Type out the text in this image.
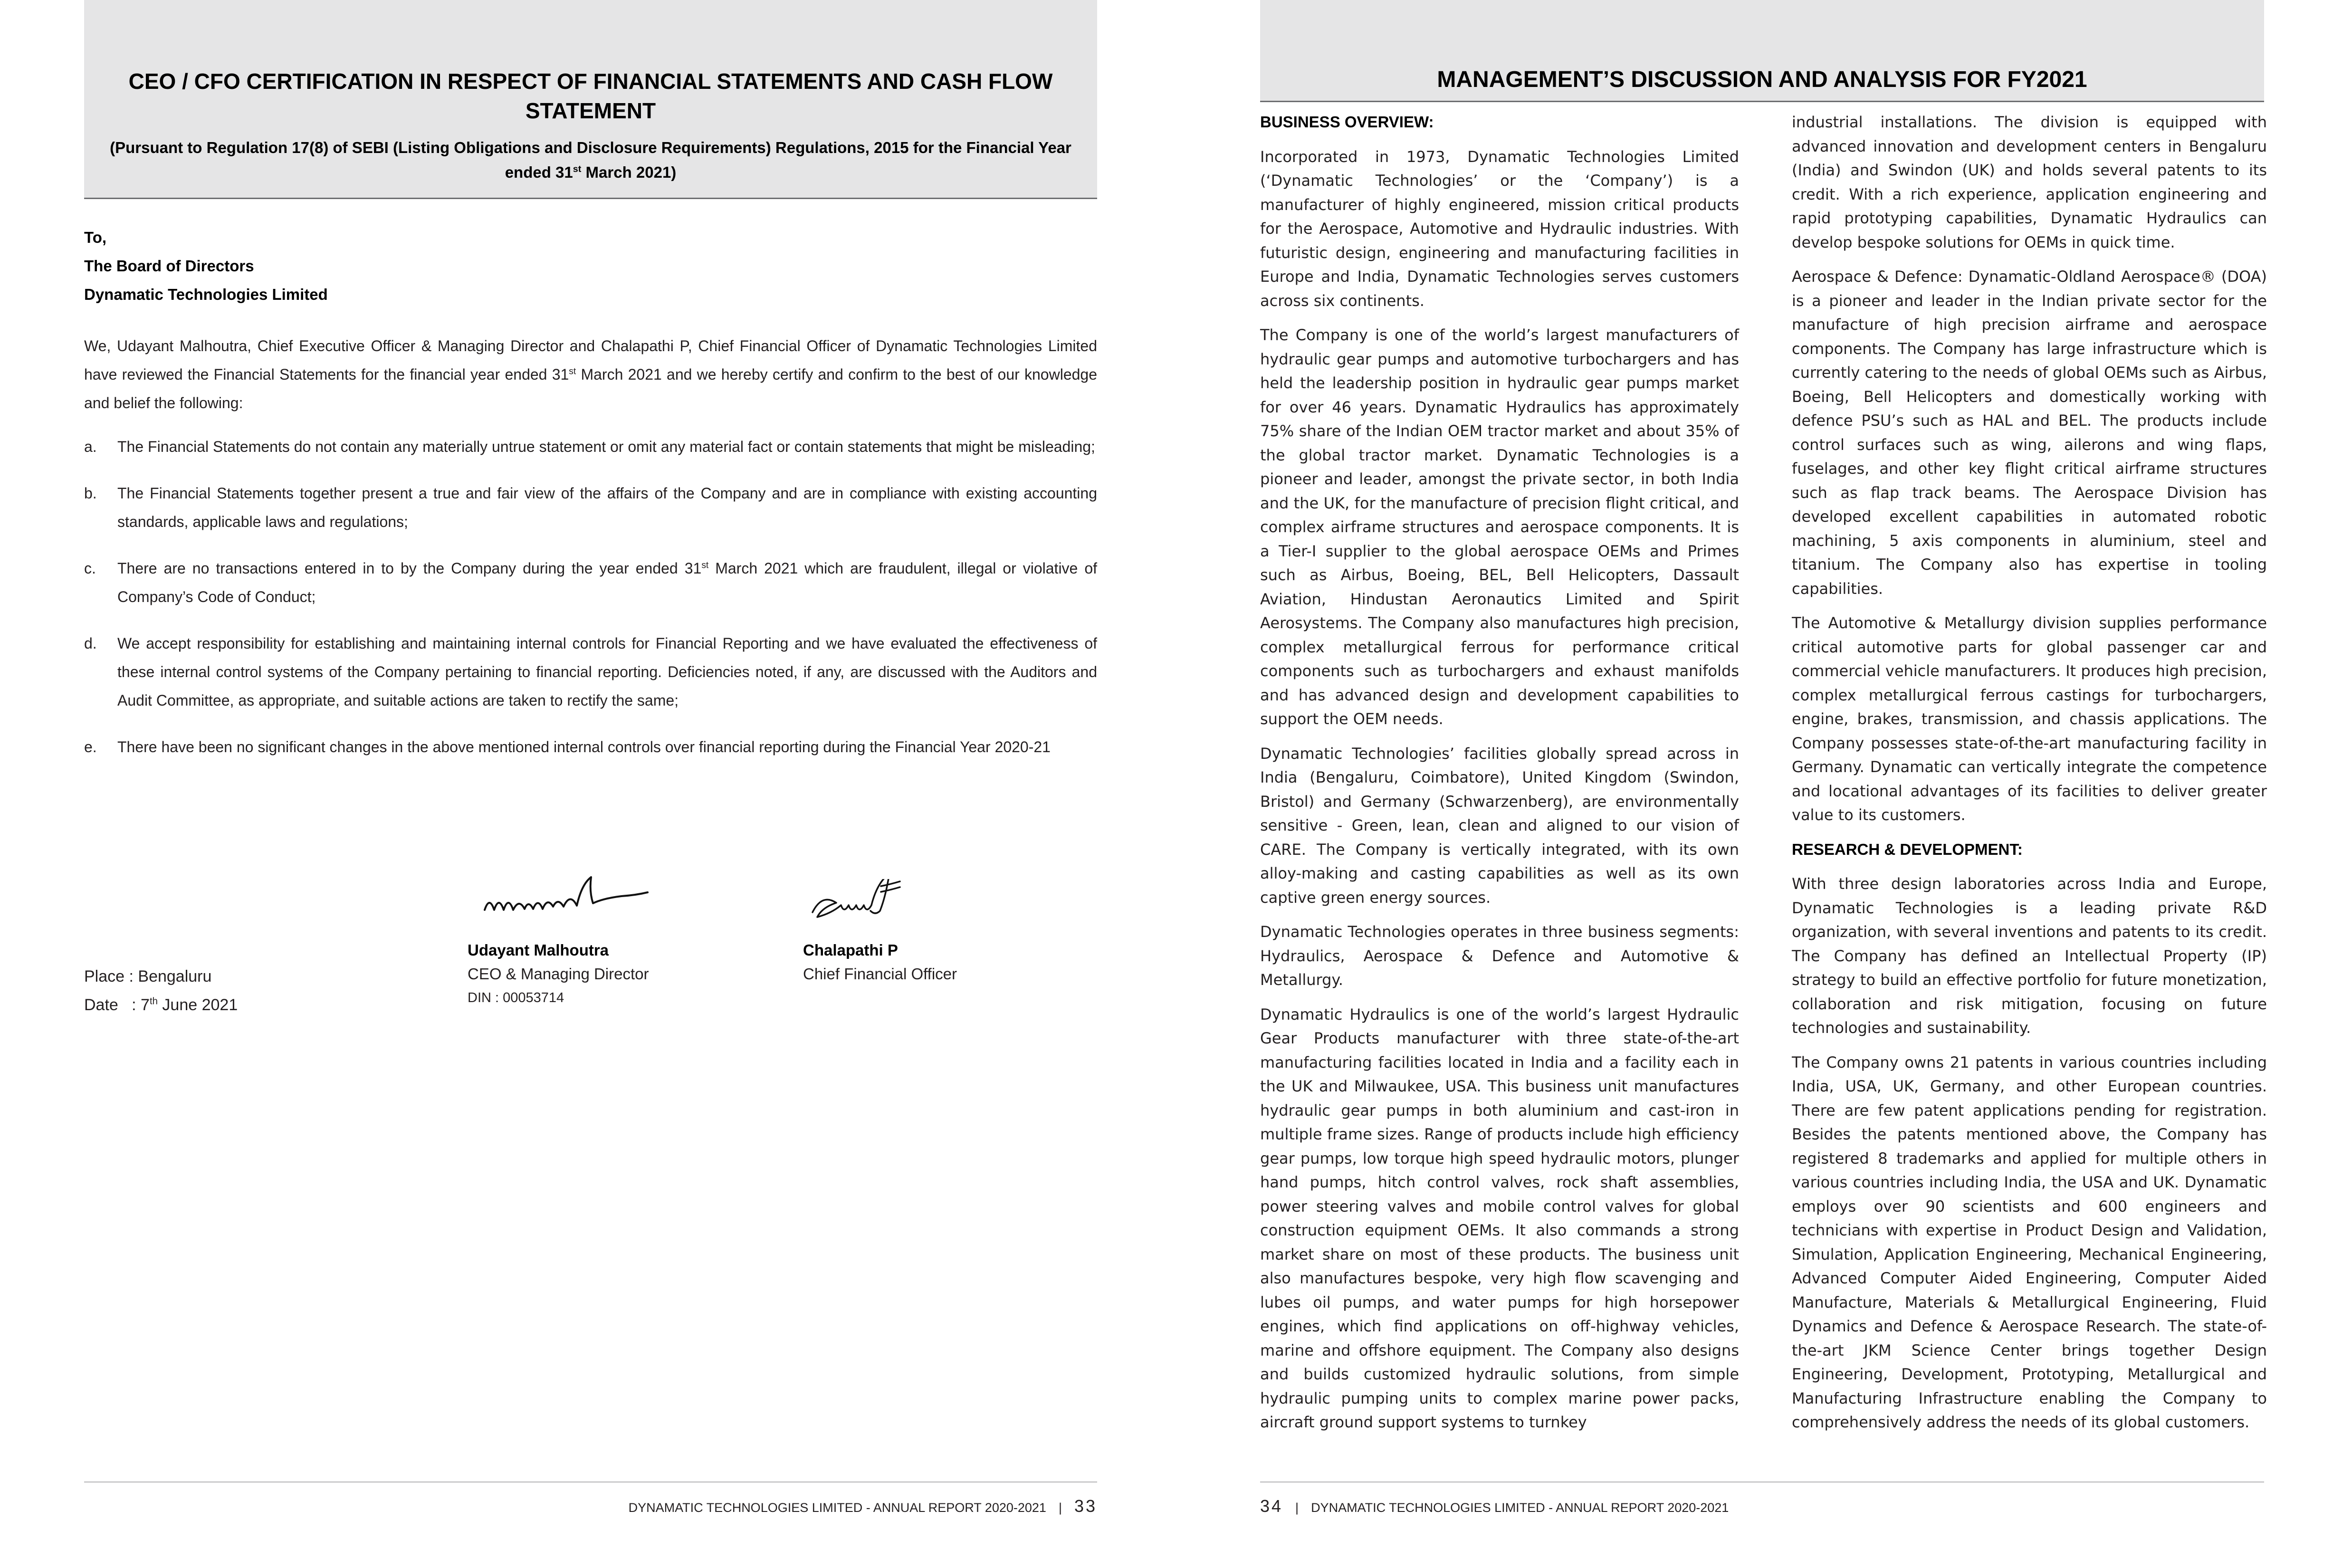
CEO / CFO CERTIFICATION IN RESPECT OF FINANCIAL STATEMENTS AND CASH FLOW STATEMENT
(Pursuant to Regulation 17(8) of SEBI (Listing Obligations and Disclosure Requirements) Regulations, 2015 for the Financial Year ended 31st March 2021)
To,
The Board of Directors
Dynamatic Technologies Limited
We, Udayant Malhoutra, Chief Executive Officer & Managing Director and Chalapathi P, Chief Financial Officer of Dynamatic Technologies Limited have reviewed the Financial Statements for the financial year ended 31st March 2021 and we hereby certify and confirm to the best of our knowledge and belief the following:
a. The Financial Statements do not contain any materially untrue statement or omit any material fact or contain statements that might be misleading;
b. The Financial Statements together present a true and fair view of the affairs of the Company and are in compliance with existing accounting standards, applicable laws and regulations;
c. There are no transactions entered in to by the Company during the year ended 31st March 2021 which are fraudulent, illegal or violative of Company’s Code of Conduct;
d. We accept responsibility for establishing and maintaining internal controls for Financial Reporting and we have evaluated the effectiveness of these internal control systems of the Company pertaining to financial reporting. Deficiencies noted, if any, are discussed with the Auditors and Audit Committee, as appropriate, and suitable actions are taken to rectify the same;
e. There have been no significant changes in the above mentioned internal controls over financial reporting during the Financial Year 2020-21
Udayant Malhoutra
CEO & Managing Director
DIN : 00053714
Chalapathi P
Chief Financial Officer
Place : Bengaluru
Date   : 7th June 2021
DYNAMATIC TECHNOLOGIES LIMITED - ANNUAL REPORT 2020-2021 | 33
MANAGEMENT’S DISCUSSION AND ANALYSIS FOR FY2021
BUSINESS OVERVIEW:

Incorporated in 1973, Dynamatic Technologies Limited (‘Dynamatic Technologies’ or the ‘Company’) is a manufacturer of highly engineered, mission critical products for the Aerospace, Automotive and Hydraulic industries. With futuristic design, engineering and manufacturing facilities in Europe and India, Dynamatic Technologies serves customers across six continents.

The Company is one of the world’s largest manufacturers of hydraulic gear pumps and automotive turbochargers and has held the leadership position in hydraulic gear pumps market for over 46 years. Dynamatic Hydraulics has approximately 75% share of the Indian OEM tractor market and about 35% of the global tractor market. Dynamatic Technologies is a pioneer and leader, amongst the private sector, in both India and the UK, for the manufacture of precision flight critical, and complex airframe structures and aerospace components. It is a Tier-I supplier to the global aerospace OEMs and Primes such as Airbus, Boeing, BEL, Bell Helicopters, Dassault Aviation, Hindustan Aeronautics Limited and Spirit Aerosystems. The Company also manufactures high precision, complex metallurgical ferrous for performance critical components such as turbochargers and exhaust manifolds and has advanced design and development capabilities to support the OEM needs.

Dynamatic Technologies’ facilities globally spread across in India (Bengaluru, Coimbatore), United Kingdom (Swindon, Bristol) and Germany (Schwarzenberg), are environmentally sensitive - Green, lean, clean and aligned to our vision of CARE. The Company is vertically integrated, with its own alloy-making and casting capabilities as well as its own captive green energy sources.

Dynamatic Technologies operates in three business segments: Hydraulics, Aerospace & Defence and Automotive & Metallurgy.

Dynamatic Hydraulics is one of the world’s largest Hydraulic Gear Products manufacturer with three state-of-the-art manufacturing facilities located in India and a facility each in the UK and Milwaukee, USA. This business unit manufactures hydraulic gear pumps in both aluminium and cast-iron in multiple frame sizes. Range of products include high efficiency gear pumps, low torque high speed hydraulic motors, plunger hand pumps, hitch control valves, rock shaft assemblies, power steering valves and mobile control valves for global construction equipment OEMs. It also commands a strong market share on most of these products. The business unit also manufactures bespoke, very high flow scavenging and lubes oil pumps, and water pumps for high horsepower engines, which find applications on off-highway vehicles, marine and offshore equipment. The Company also designs and builds customized hydraulic solutions, from simple hydraulic pumping units to complex marine power packs, aircraft ground support systems to turnkey

industrial installations. The division is equipped with advanced innovation and development centers in Bengaluru (India) and Swindon (UK) and holds several patents to its credit. With a rich experience, application engineering and rapid prototyping capabilities, Dynamatic Hydraulics can develop bespoke solutions for OEMs in quick time.

Aerospace & Defence: Dynamatic-Oldland Aerospace® (DOA) is a pioneer and leader in the Indian private sector for the manufacture of high precision airframe and aerospace components. The Company has large infrastructure which is currently catering to the needs of global OEMs such as Airbus, Boeing, Bell Helicopters and domestically working with defence PSU’s such as HAL and BEL. The products include control surfaces such as wing, ailerons and wing flaps, fuselages, and other key flight critical airframe structures such as flap track beams. The Aerospace Division has developed excellent capabilities in automated robotic machining, 5 axis components in aluminium, steel and titanium. The Company also has expertise in tooling capabilities.

The Automotive & Metallurgy division supplies performance critical automotive parts for global passenger car and commercial vehicle manufacturers. It produces high precision, complex metallurgical ferrous castings for turbochargers, engine, brakes, transmission, and chassis applications. The Company possesses state-of-the-art manufacturing facility in Germany. Dynamatic can vertically integrate the competence and locational advantages of its facilities to deliver greater value to its customers.

RESEARCH & DEVELOPMENT:

With three design laboratories across India and Europe, Dynamatic Technologies is a leading private R&D organization, with several inventions and patents to its credit. The Company has defined an Intellectual Property (IP) strategy to build an effective portfolio for future monetization, collaboration and risk mitigation, focusing on future technologies and sustainability.

The Company owns 21 patents in various countries including India, USA, UK, Germany, and other European countries. There are few patent applications pending for registration. Besides the patents mentioned above, the Company has registered 8 trademarks and applied for multiple others in various countries including India, the USA and UK. Dynamatic employs over 90 scientists and 600 engineers and technicians with expertise in Product Design and Validation, Simulation, Application Engineering, Mechanical Engineering, Advanced Computer Aided Engineering, Computer Aided Manufacture, Materials & Metallurgical Engineering, Fluid Dynamics and Defence & Aerospace Research. The state-of-the-art JKM Science Center brings together Design Engineering, Development, Prototyping, Metallurgical and Manufacturing Infrastructure enabling the Company to comprehensively address the needs of its global customers.

34 | DYNAMATIC TECHNOLOGIES LIMITED - ANNUAL REPORT 2020-2021
